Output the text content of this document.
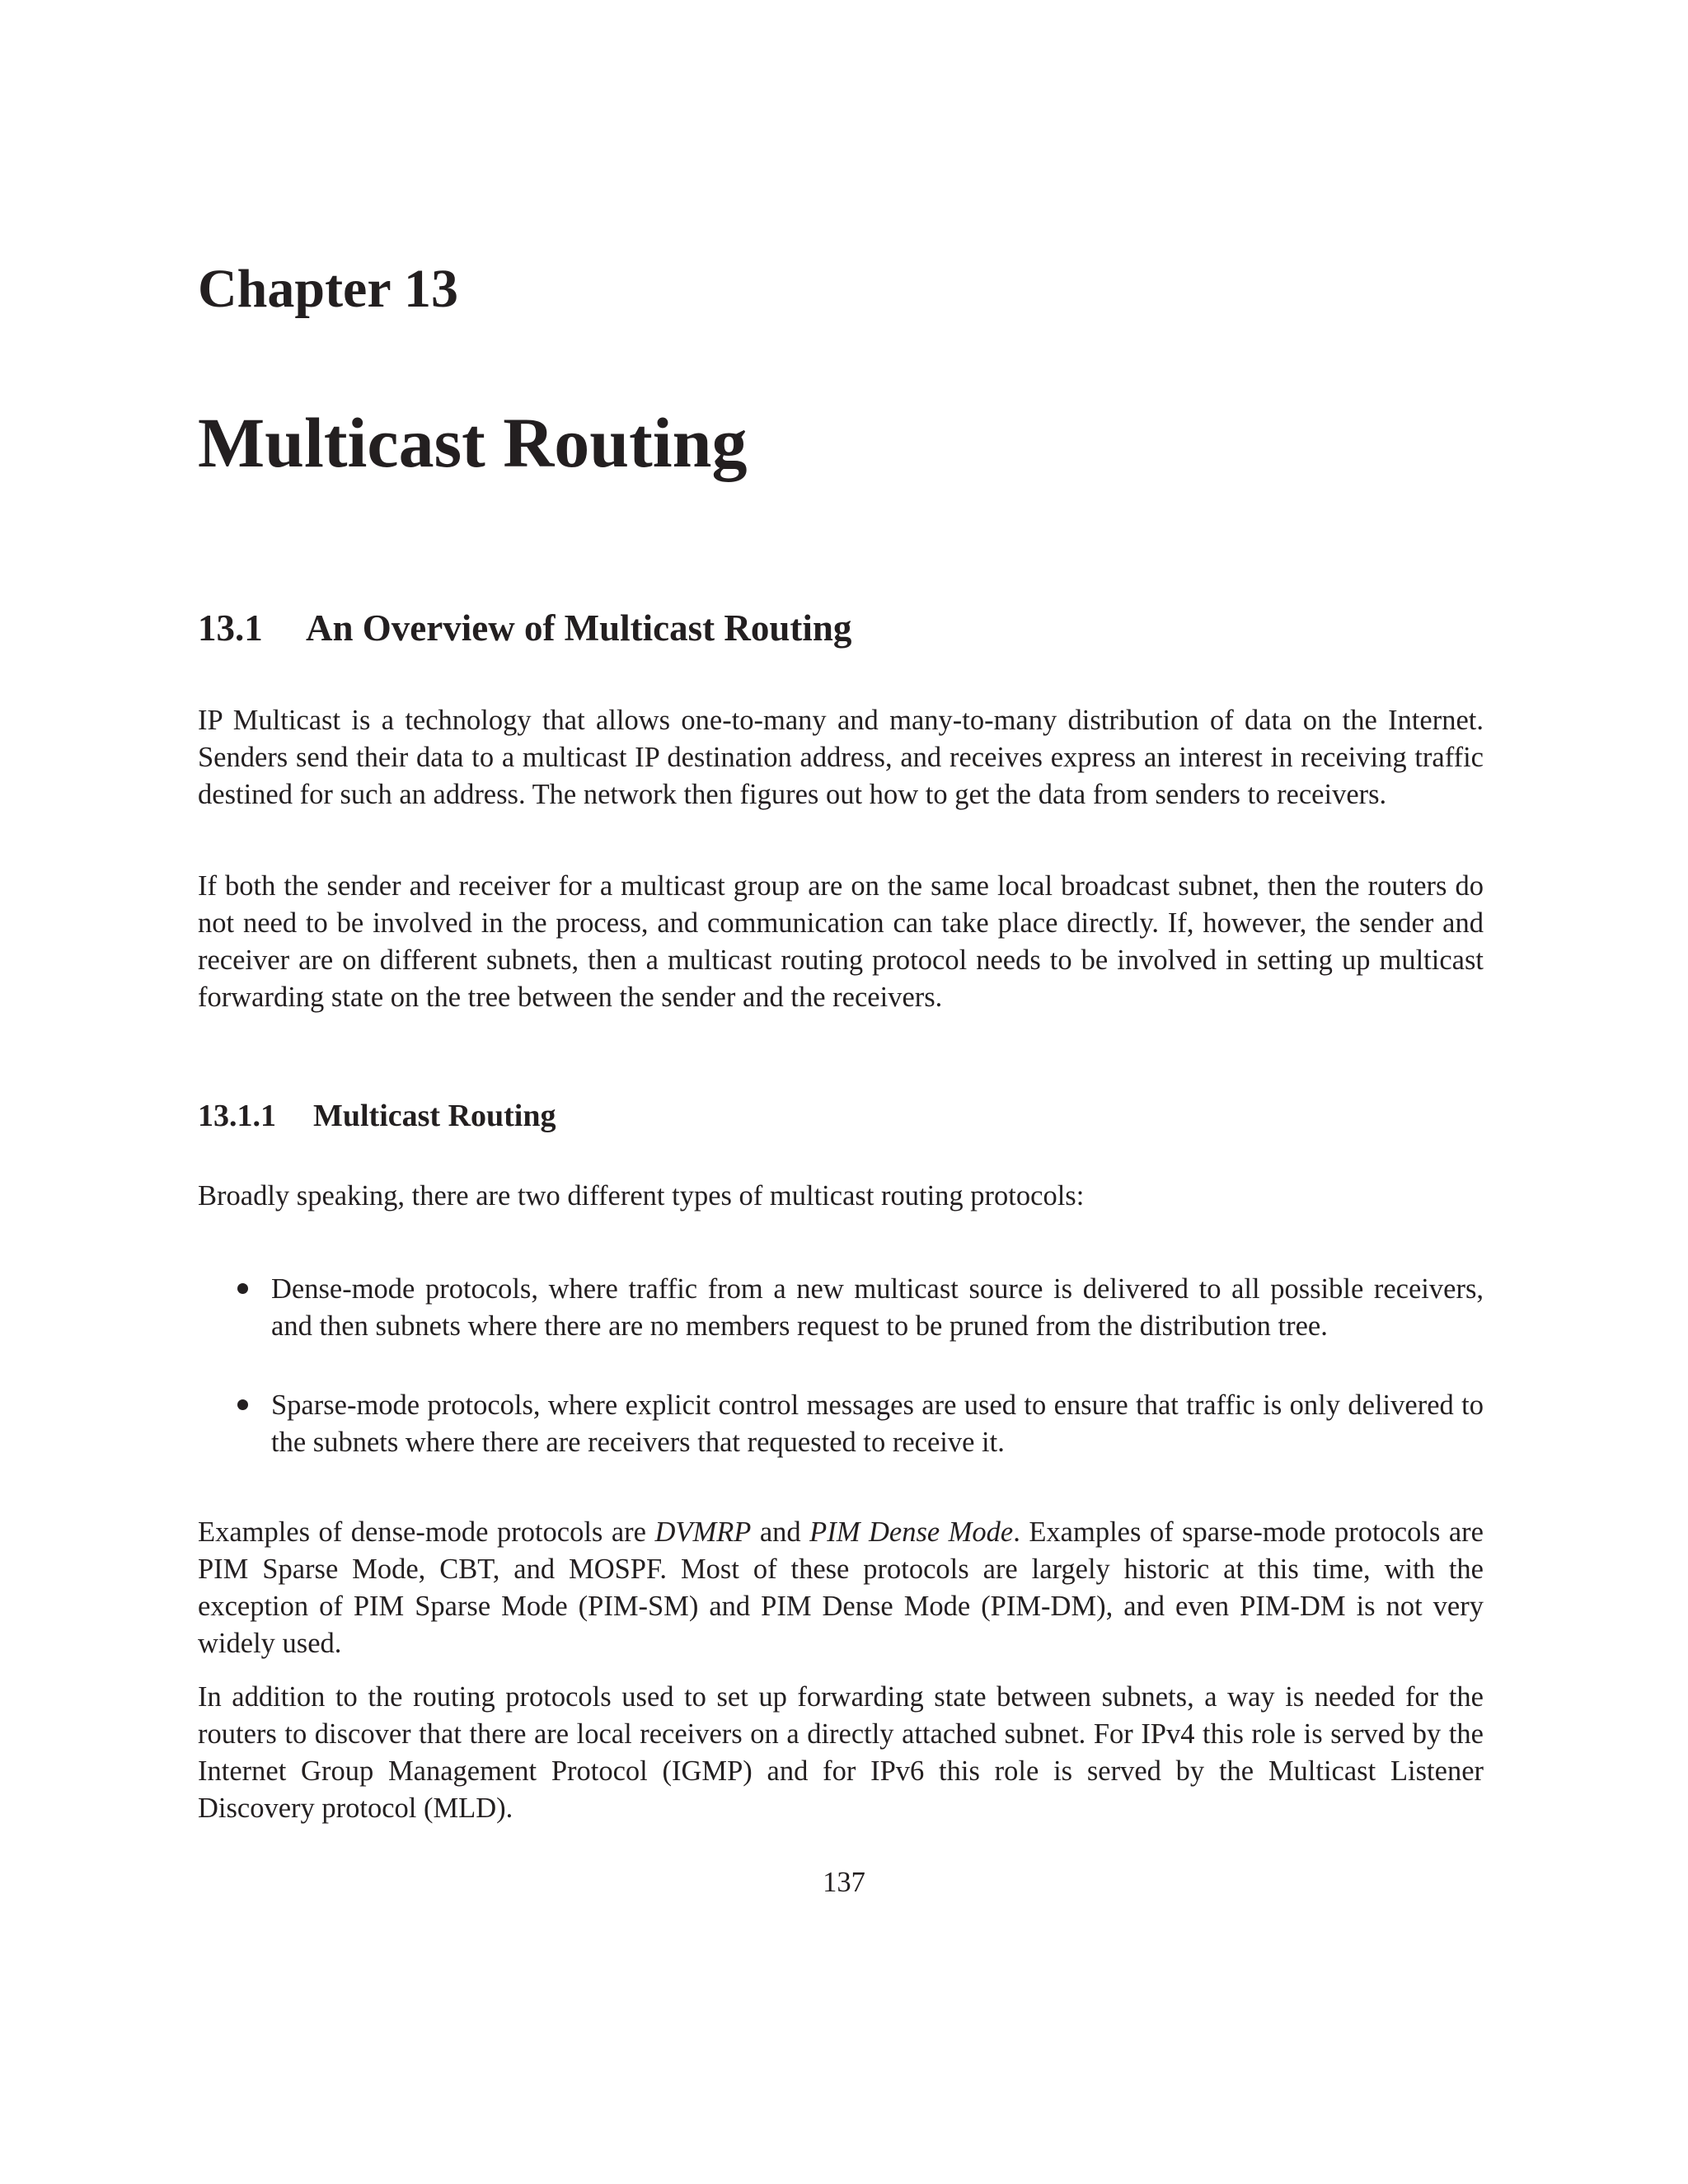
Chapter 13
Multicast Routing
13.1 An Overview of Multicast Routing

IP Multicast is a technology that allows one-to-many and many-to-many distribution of data on the Internet. Senders send their data to a multicast IP destination address, and receives express an interest in receiving traffic destined for such an address. The network then figures out how to get the data from senders to receivers.

If both the sender and receiver for a multicast group are on the same local broadcast subnet, then the routers do not need to be involved in the process, and communication can take place directly. If, however, the sender and receiver are on different subnets, then a multicast routing protocol needs to be involved in setting up multicast forwarding state on the tree between the sender and the receivers.

13.1.1 Multicast Routing

Broadly speaking, there are two different types of multicast routing protocols:

Dense-mode protocols, where traffic from a new multicast source is delivered to all possible receivers, and then subnets where there are no members request to be pruned from the distribution tree.

Sparse-mode protocols, where explicit control messages are used to ensure that traffic is only delivered to the subnets where there are receivers that requested to receive it.

Examples of dense-mode protocols are DVMRP and PIM Dense Mode. Examples of sparse-mode protocols are PIM Sparse Mode, CBT, and MOSPF. Most of these protocols are largely historic at this time, with the exception of PIM Sparse Mode (PIM-SM) and PIM Dense Mode (PIM-DM), and even PIM-DM is not very widely used.

In addition to the routing protocols used to set up forwarding state between subnets, a way is needed for the routers to discover that there are local receivers on a directly attached subnet. For IPv4 this role is served by the Internet Group Management Protocol (IGMP) and for IPv6 this role is served by the Multicast Listener Discovery protocol (MLD).

137
